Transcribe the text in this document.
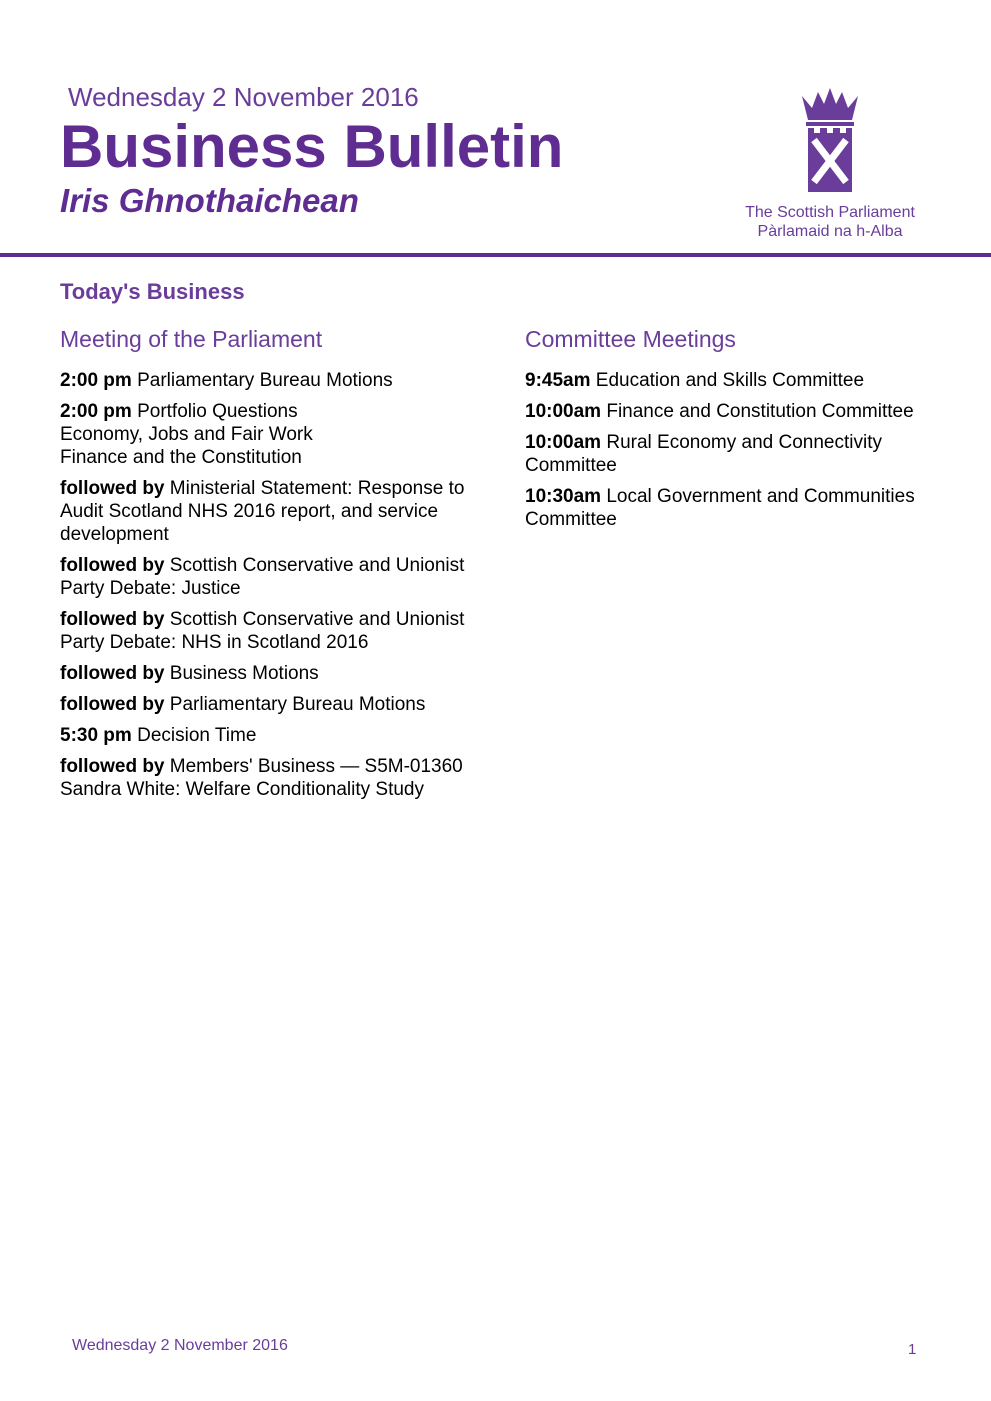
Wednesday 2 November 2016
Business Bulletin
Iris Ghnothaichean	The Scottish Parliament
Pàrlamaid na h-Alba
Today's Business
Meeting of the Parliament

2:00 pm Parliamentary Bureau Motions

2:00 pm Portfolio Questions
Economy, Jobs and Fair Work
Finance and the Constitution

followed by Ministerial Statement: Response to Audit Scotland NHS 2016 report, and service development

followed by Scottish Conservative and Unionist Party Debate: Justice

followed by Scottish Conservative and Unionist Party Debate: NHS in Scotland 2016

followed by Business Motions

followed by Parliamentary Bureau Motions

5:30 pm Decision Time

followed by Members' Business — S5M-01360 Sandra White: Welfare Conditionality Study

Committee Meetings

9:45am Education and Skills Committee

10:00am Finance and Constitution Committee

10:00am Rural Economy and Connectivity Committee

10:30am Local Government and Communities Committee

Wednesday 2 November 2016	1
